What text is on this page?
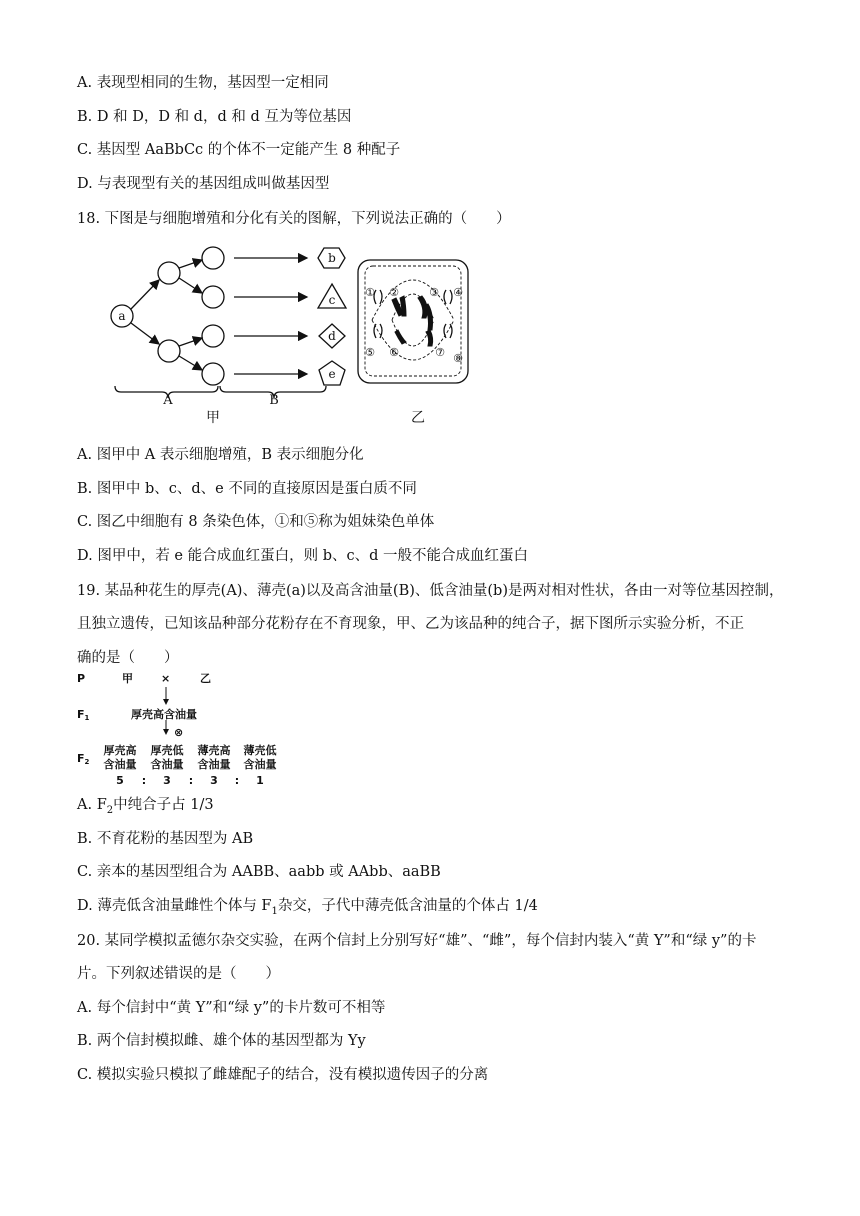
A. 表现型相同的生物，基因型一定相同
B. D 和 D，D 和 d，d 和 d 互为等位基因
C. 基因型 AaBbCc 的个体不一定能产生 8 种配子
D. 与表现型有关的基因组成叫做基因型
18. 下图是与细胞增殖和分化有关的图解，下列说法正确的（　　）
a
b
c
d
e
A	B
甲	乙
① ②	③ ④
⑤ ⑥	⑦ ⑧
A. 图甲中 A 表示细胞增殖，B 表示细胞分化
B. 图甲中 b、c、d、e 不同的直接原因是蛋白质不同
C. 图乙中细胞有 8 条染色体，①和⑤称为姐妹染色单体
D. 图甲中，若 e 能合成血红蛋白，则 b、c、d 一般不能合成血红蛋白
19. 某品种花生的厚壳(A)、薄壳(a)以及高含油量(B)、低含油量(b)是两对相对性状，各由一对等位基因控制，
且独立遗传，已知该品种部分花粉存在不育现象，甲、乙为该品种的纯合子，据下图所示实验分析，不正
确的是（　　）
P	甲	×	乙
F1	厚壳高含油量
⊗
F2
厚壳高
含油量
厚壳低
含油量
薄壳高
含油量
薄壳低
含油量
5 : 3 : 3 : 1
A. $F_2$中纯合子占 1/3
B. 不育花粉的基因型为 AB
C. 亲本的基因型组合为 AABB、aabb 或 AAbb、aaBB
D. 薄壳低含油量雌性个体与 $F_1$杂交，子代中薄壳低含油量的个体占 1/4
20. 某同学模拟孟德尔杂交实验，在两个信封上分别写好“雄”、“雌”，每个信封内装入“黄 Y”和“绿 y”的卡
片。下列叙述错误的是（　　）
A. 每个信封中“黄 Y”和“绿 y”的卡片数可不相等
B. 两个信封模拟雌、雄个体的基因型都为 Yy
C. 模拟实验只模拟了雌雄配子的结合，没有模拟遗传因子的分离
